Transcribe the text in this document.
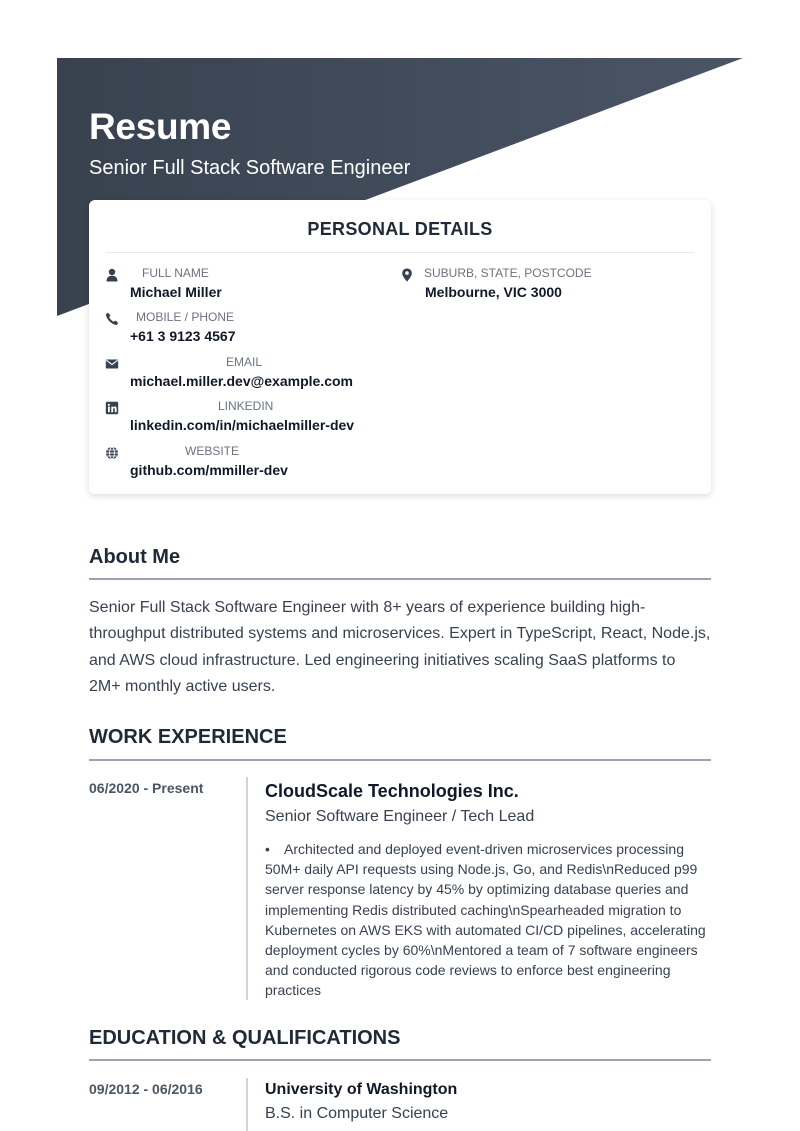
Resume
Senior Full Stack Software Engineer
PERSONAL DETAILS
FULL NAME
Michael Miller
MOBILE / PHONE
+61 3 9123 4567
EMAIL
michael.miller.dev@example.com
LINKEDIN
linkedin.com/in/michaelmiller-dev
WEBSITE
github.com/mmiller-dev
SUBURB, STATE, POSTCODE
Melbourne, VIC 3000
About Me
Senior Full Stack Software Engineer with 8+ years of experience building high-throughput distributed systems and microservices. Expert in TypeScript, React, Node.js, and AWS cloud infrastructure. Led engineering initiatives scaling SaaS platforms to 2M+ monthly active users.
WORK EXPERIENCE
06/2020 - Present	CloudScale Technologies Inc.
Senior Software Engineer / Tech Lead
• Architected and deployed event-driven microservices processing 50M+ daily API requests using Node.js, Go, and Redis\nReduced p99 server response latency by 45% by optimizing database queries and implementing Redis distributed caching\nSpearheaded migration to Kubernetes on AWS EKS with automated CI/CD pipelines, accelerating deployment cycles by 60%\nMentored a team of 7 software engineers and conducted rigorous code reviews to enforce best engineering practices
EDUCATION & QUALIFICATIONS
09/2012 - 06/2016	University of Washington
B.S. in Computer Science
